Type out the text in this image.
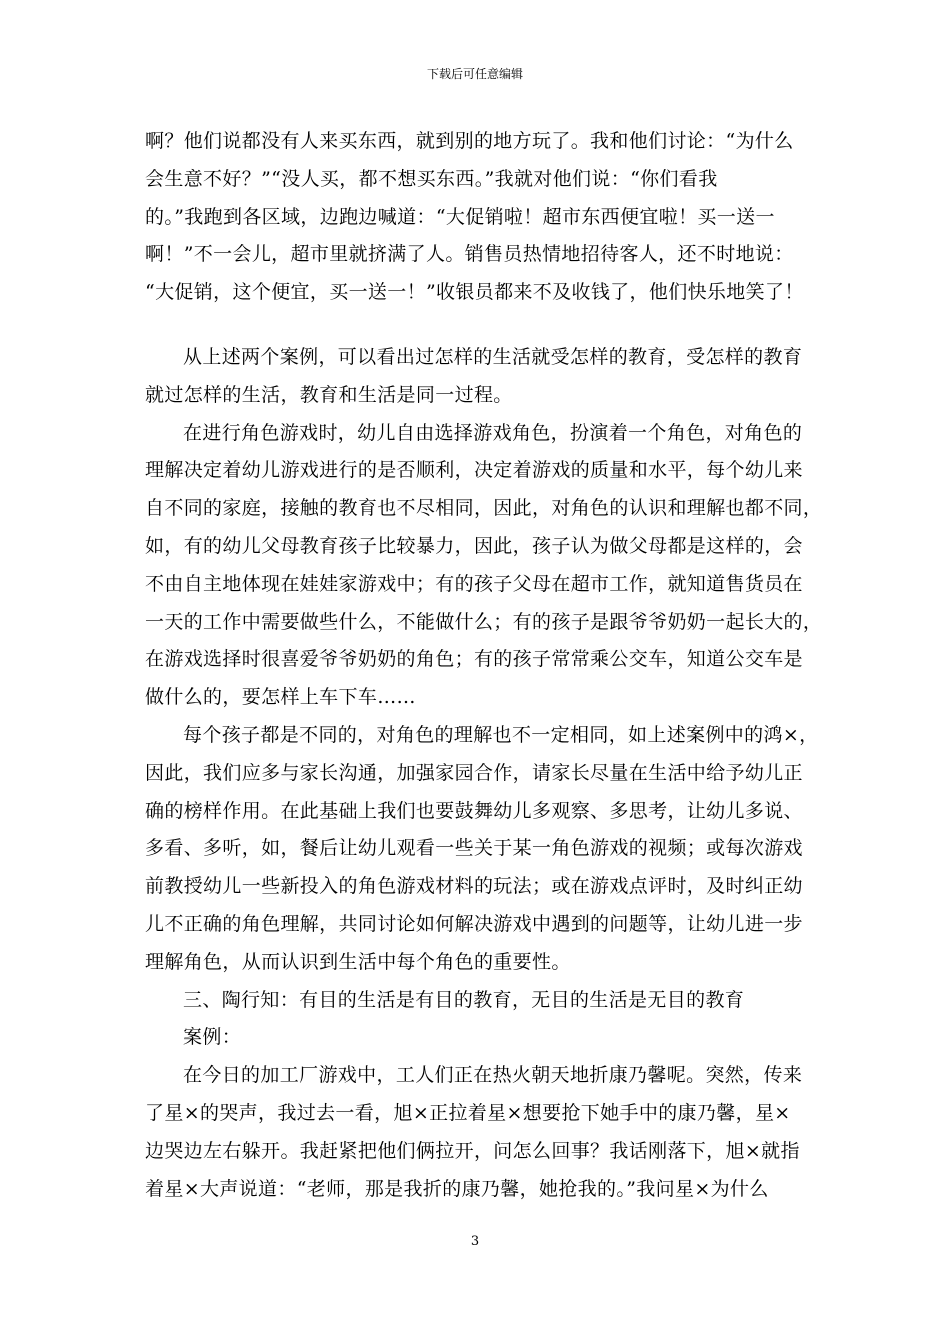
下载后可任意编辑
啊？他们说都没有人来买东西，就到别的地方玩了。我和他们讨论：“为什么
会生意不好？”“没人买，都不想买东西。”我就对他们说：“你们看我
的。”我跑到各区域，边跑边喊道：“大促销啦！超市东西便宜啦！买一送一
啊！”不一会儿，超市里就挤满了人。销售员热情地招待客人，还不时地说：
“大促销，这个便宜，买一送一！”收银员都来不及收钱了，他们快乐地笑了！
从上述两个案例，可以看出过怎样的生活就受怎样的教育，受怎样的教育
就过怎样的生活，教育和生活是同一过程。
在进行角色游戏时，幼儿自由选择游戏角色，扮演着一个角色，对角色的
理解决定着幼儿游戏进行的是否顺利，决定着游戏的质量和水平，每个幼儿来
自不同的家庭，接触的教育也不尽相同，因此，对角色的认识和理解也都不同，
如，有的幼儿父母教育孩子比较暴力，因此，孩子认为做父母都是这样的，会
不由自主地体现在娃娃家游戏中；有的孩子父母在超市工作，就知道售货员在
一天的工作中需要做些什么，不能做什么；有的孩子是跟爷爷奶奶一起长大的，
在游戏选择时很喜爱爷爷奶奶的角色；有的孩子常常乘公交车，知道公交车是
做什么的，要怎样上车下车……
每个孩子都是不同的，对角色的理解也不一定相同，如上述案例中的鸿×，
因此，我们应多与家长沟通，加强家园合作，请家长尽量在生活中给予幼儿正
确的榜样作用。在此基础上我们也要鼓舞幼儿多观察、多思考，让幼儿多说、
多看、多听，如，餐后让幼儿观看一些关于某一角色游戏的视频；或每次游戏
前教授幼儿一些新投入的角色游戏材料的玩法；或在游戏点评时，及时纠正幼
儿不正确的角色理解，共同讨论如何解决游戏中遇到的问题等，让幼儿进一步
理解角色，从而认识到生活中每个角色的重要性。
三、陶行知：有目的生活是有目的教育，无目的生活是无目的教育
案例：
在今日的加工厂游戏中，工人们正在热火朝天地折康乃馨呢。突然，传来
了星×的哭声，我过去一看，旭×正拉着星×想要抢下她手中的康乃馨，星×
边哭边左右躲开。我赶紧把他们俩拉开，问怎么回事？我话刚落下，旭×就指
着星×大声说道：“老师，那是我折的康乃馨，她抢我的。”我问星×为什么
3
